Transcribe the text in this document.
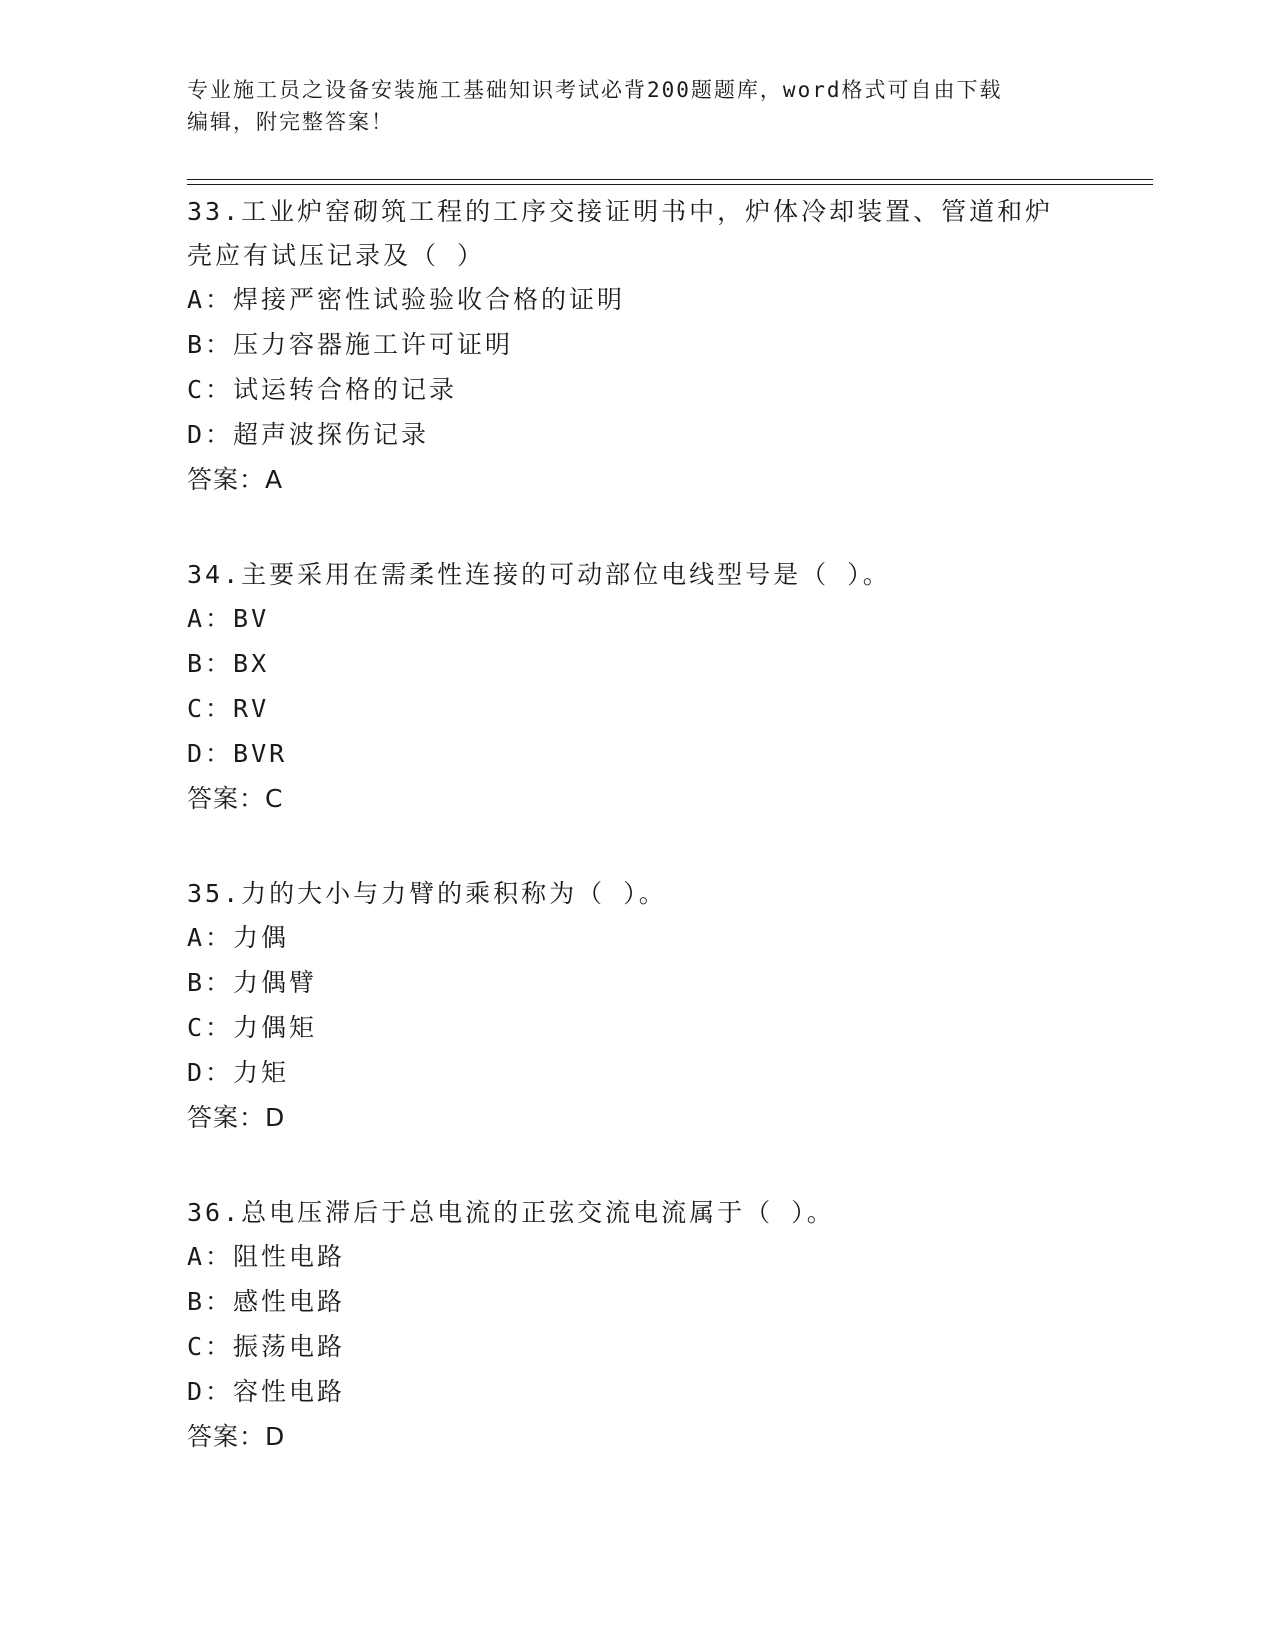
专业施工员之设备安装施工基础知识考试必背200题题库，word格式可自由下载
编辑，附完整答案！
33.工业炉窑砌筑工程的工序交接证明书中，炉体冷却装置、管道和炉
壳应有试压记录及（ ）
A：焊接严密性试验验收合格的证明
B：压力容器施工许可证明
C：试运转合格的记录
D：超声波探伤记录
答案：A
34.主要采用在需柔性连接的可动部位电线型号是（ ）。
A：BV
B：BX
C：RV
D：BVR
答案：C
35.力的大小与力臂的乘积称为（ ）。
A：力偶
B：力偶臂
C：力偶矩
D：力矩
答案：D
36.总电压滞后于总电流的正弦交流电流属于（ ）。
A：阻性电路
B：感性电路
C：振荡电路
D：容性电路
答案：D
